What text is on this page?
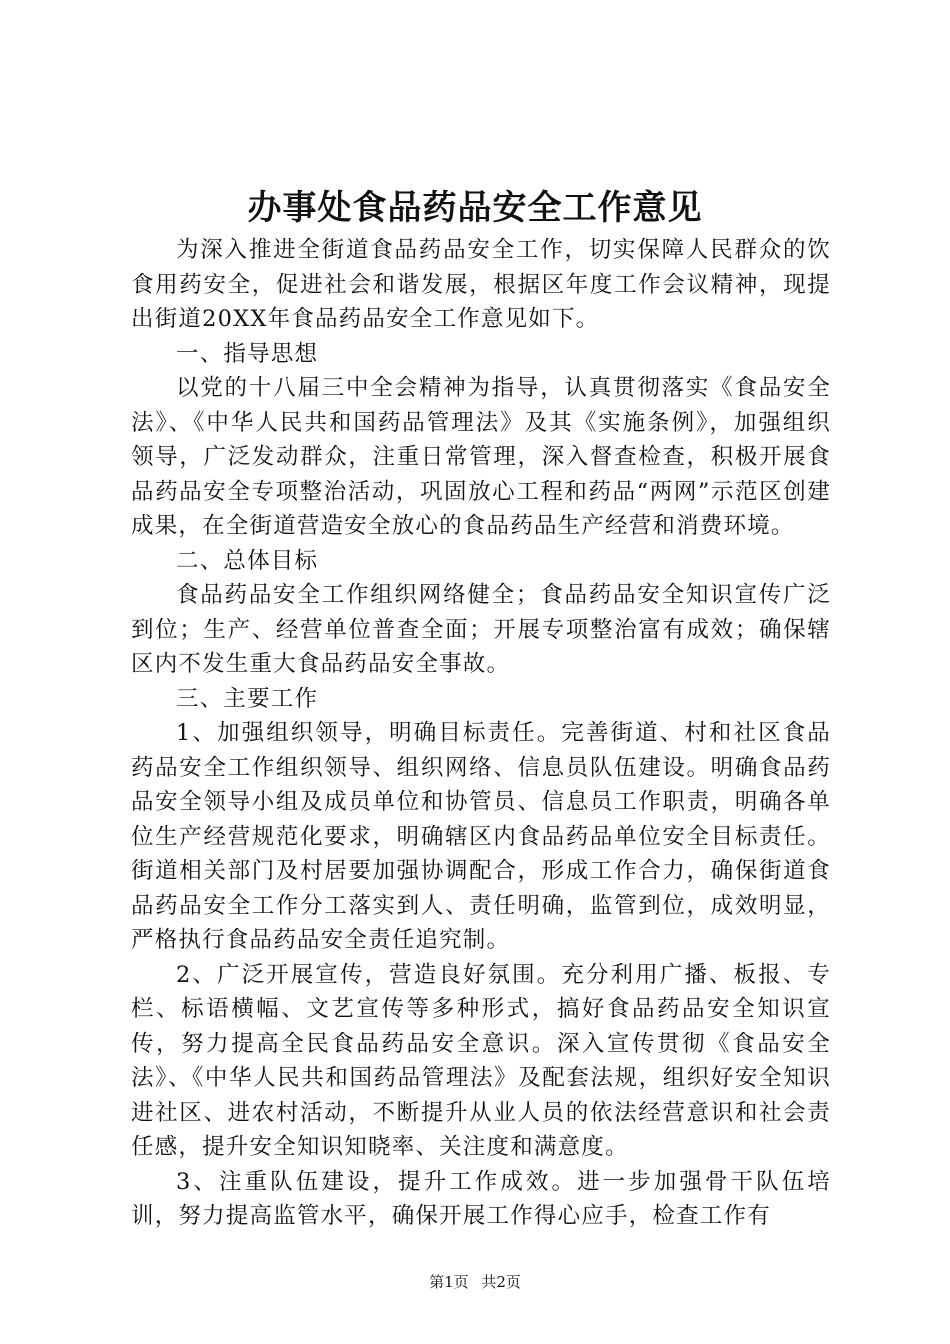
办事处食品药品安全工作意见

为深入推进全街道食品药品安全工作，切实保障人民群众的饮食用药安全，促进社会和谐发展，根据区年度工作会议精神，现提出街道20XX年食品药品安全工作意见如下。

一、指导思想

以党的十八届三中全会精神为指导，认真贯彻落实《食品安全法》、《中华人民共和国药品管理法》及其《实施条例》，加强组织领导，广泛发动群众，注重日常管理，深入督查检查，积极开展食品药品安全专项整治活动，巩固放心工程和药品“两网”示范区创建成果，在全街道营造安全放心的食品药品生产经营和消费环境。

二、总体目标

食品药品安全工作组织网络健全；食品药品安全知识宣传广泛到位；生产、经营单位普查全面；开展专项整治富有成效；确保辖区内不发生重大食品药品安全事故。

三、主要工作

1、加强组织领导，明确目标责任。完善街道、村和社区食品药品安全工作组织领导、组织网络、信息员队伍建设。明确食品药品安全领导小组及成员单位和协管员、信息员工作职责，明确各单位生产经营规范化要求，明确辖区内食品药品单位安全目标责任。街道相关部门及村居要加强协调配合，形成工作合力，确保街道食品药品安全工作分工落实到人、责任明确，监管到位，成效明显，严格执行食品药品安全责任追究制。

2、广泛开展宣传，营造良好氛围。充分利用广播、板报、专栏、标语横幅、文艺宣传等多种形式，搞好食品药品安全知识宣传，努力提高全民食品药品安全意识。深入宣传贯彻《食品安全法》、《中华人民共和国药品管理法》及配套法规，组织好安全知识进社区、进农村活动，不断提升从业人员的依法经营意识和社会责任感，提升安全知识知晓率、关注度和满意度。

3、注重队伍建设，提升工作成效。进一步加强骨干队伍培训，努力提高监管水平，确保开展工作得心应手，检查工作有

第1页 共2页
